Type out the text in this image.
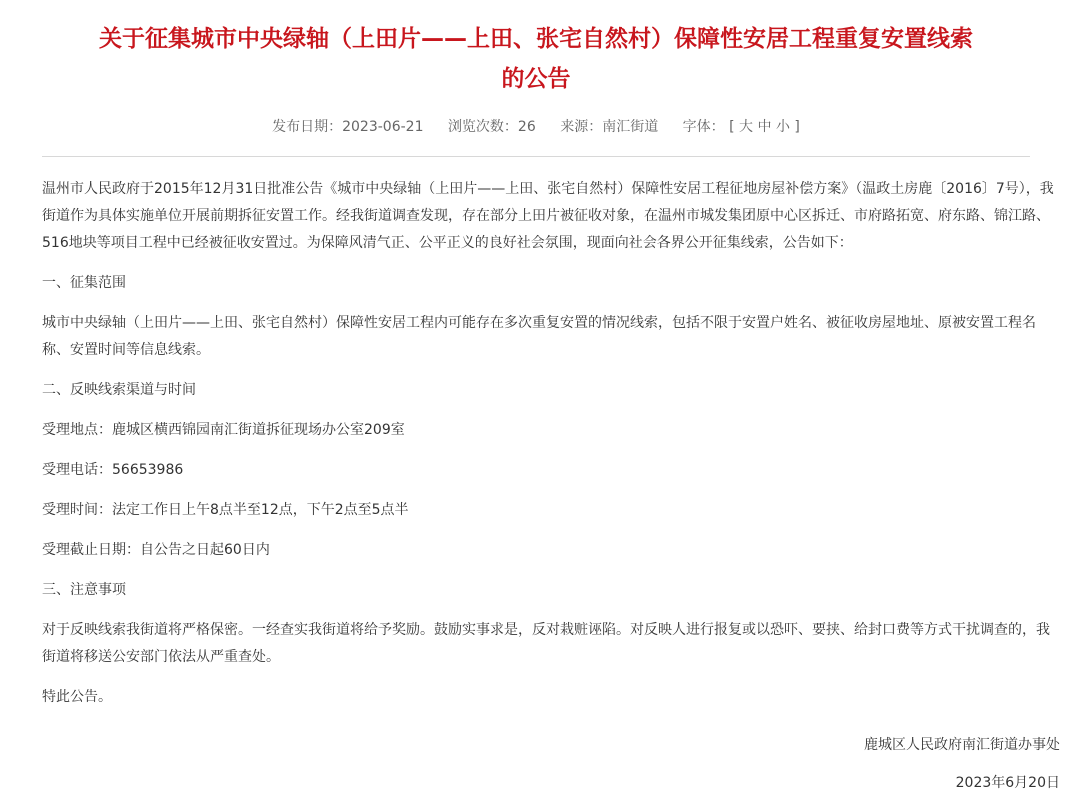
关于征集城市中央绿轴（上田片——上田、张宅自然村）保障性安居工程重复安置线索
的公告
发布日期：2023-06-21 浏览次数：26 来源：南汇街道 字体： [ 大 中 小 ]

温州市人民政府于2015年12月31日批准公告《城市中央绿轴（上田片——上田、张宅自然村）保障性安居工程征地房屋补偿方案》（温政土房鹿〔2016〕7号），我街道作为具体实施单位开展前期拆征安置工作。经我街道调查发现，存在部分上田片被征收对象，在温州市城发集团原中心区拆迁、市府路拓宽、府东路、锦江路、516地块等项目工程中已经被征收安置过。为保障风清气正、公平正义的良好社会氛围，现面向社会各界公开征集线索，公告如下：

一、征集范围

城市中央绿轴（上田片——上田、张宅自然村）保障性安居工程内可能存在多次重复安置的情况线索，包括不限于安置户姓名、被征收房屋地址、原被安置工程名称、安置时间等信息线索。

二、反映线索渠道与时间

受理地点：鹿城区横西锦园南汇街道拆征现场办公室209室

受理电话：56653986

受理时间：法定工作日上午8点半至12点，下午2点至5点半

受理截止日期：自公告之日起60日内

三、注意事项

对于反映线索我街道将严格保密。一经查实我街道将给予奖励。鼓励实事求是，反对栽赃诬陷。对反映人进行报复或以恐吓、要挟、给封口费等方式干扰调查的，我街道将移送公安部门依法从严重查处。

特此公告。

鹿城区人民政府南汇街道办事处
2023年6月20日
